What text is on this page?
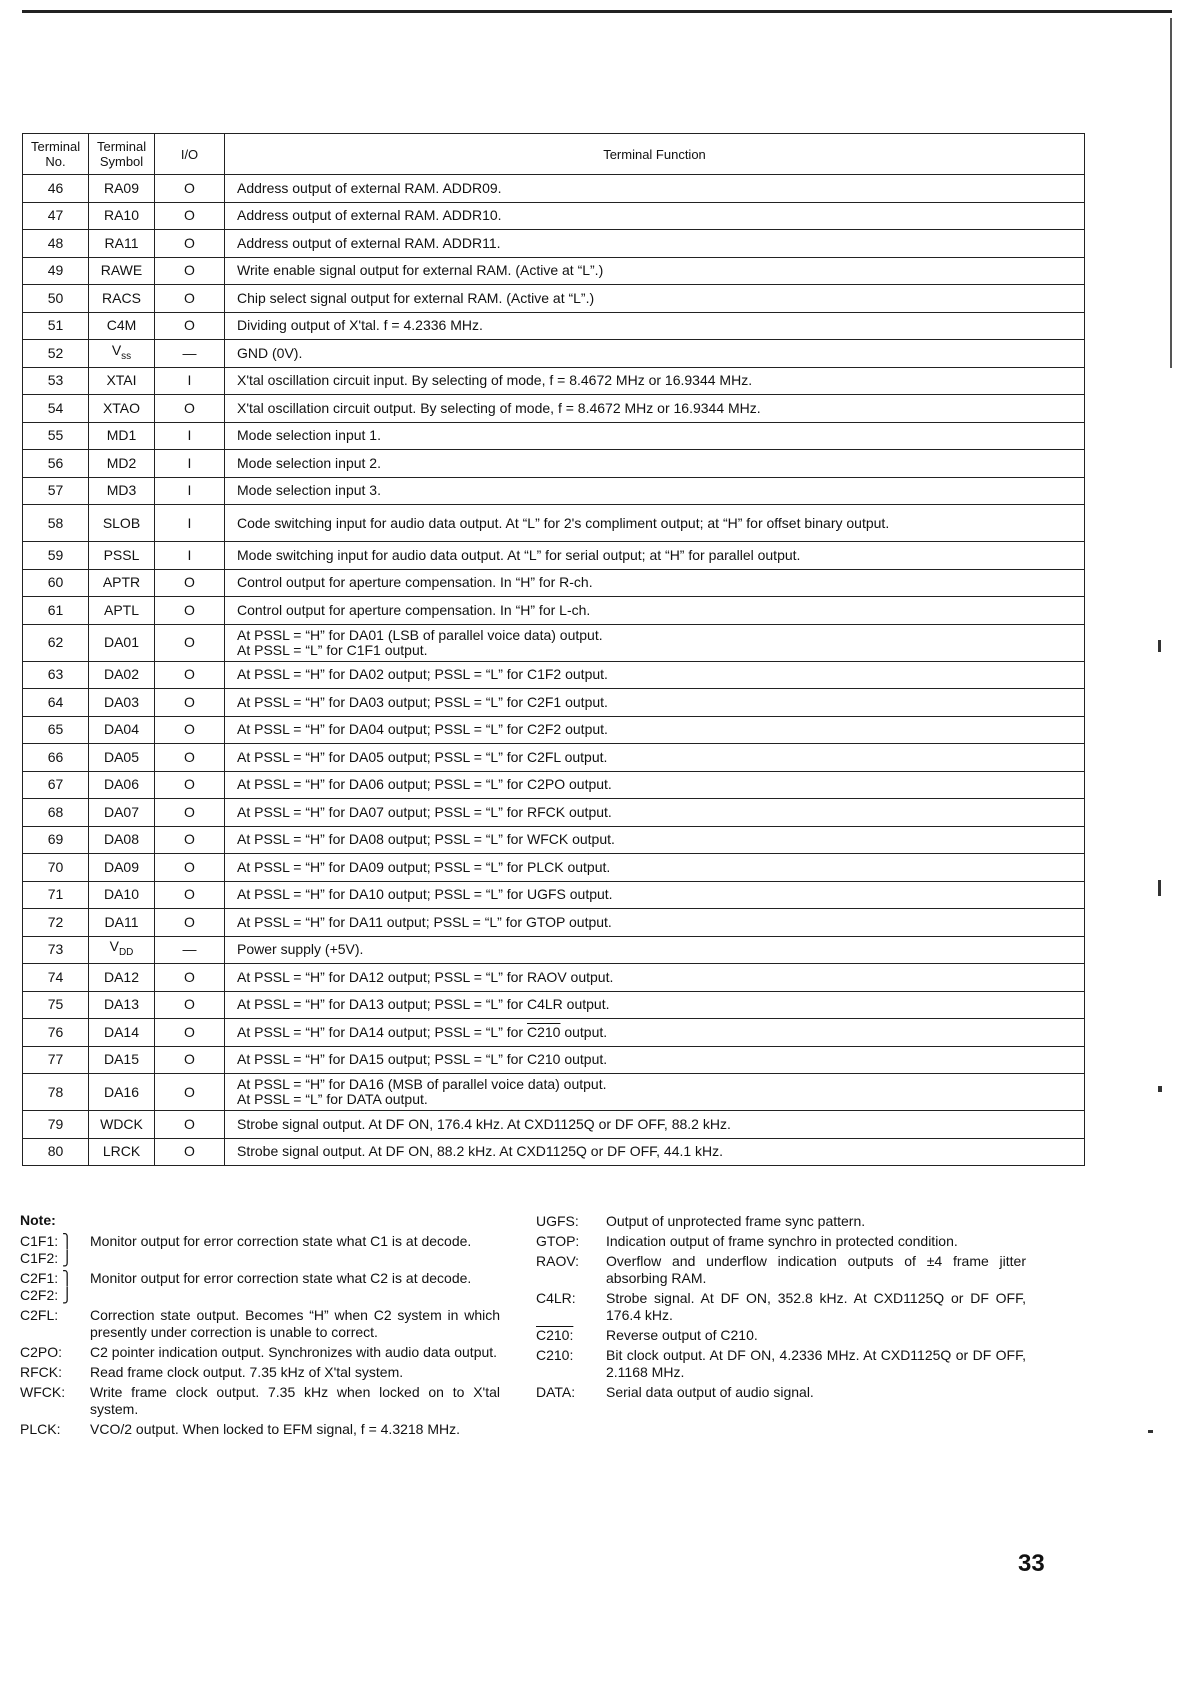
Terminal No.	Terminal Symbol	I/O	Terminal Function
46	RA09	O	Address output of external RAM. ADDR09.
47	RA10	O	Address output of external RAM. ADDR10.
48	RA11	O	Address output of external RAM. ADDR11.
49	RAWE	O	Write enable signal output for external RAM. (Active at “L”.)
50	RACS	O	Chip select signal output for external RAM. (Active at “L”.)
51	C4M	O	Dividing output of X'tal. f = 4.2336 MHz.
52	$V_{ss}$	—	GND (0V).
53	XTAI	I	X'tal oscillation circuit input. By selecting of mode, f = 8.4672 MHz or 16.9344 MHz.
54	XTAO	O	X'tal oscillation circuit output. By selecting of mode, f = 8.4672 MHz or 16.9344 MHz.
55	MD1	I	Mode selection input 1.
56	MD2	I	Mode selection input 2.
57	MD3	I	Mode selection input 3.
58	SLOB	I	Code switching input for audio data output. At “L” for 2's compliment output; at “H” for offset binary output.
59	PSSL	I	Mode switching input for audio data output. At “L” for serial output; at “H” for parallel output.
60	APTR	O	Control output for aperture compensation. In “H” for R-ch.
61	APTL	O	Control output for aperture compensation. In “H” for L-ch.
62	DA01	O	At PSSL = “H” for DA01 (LSB of parallel voice data) output.
At PSSL = “L” for C1F1 output.
63	DA02	O	At PSSL = “H” for DA02 output; PSSL = “L” for C1F2 output.
64	DA03	O	At PSSL = “H” for DA03 output; PSSL = “L” for C2F1 output.
65	DA04	O	At PSSL = “H” for DA04 output; PSSL = “L” for C2F2 output.
66	DA05	O	At PSSL = “H” for DA05 output; PSSL = “L” for C2FL output.
67	DA06	O	At PSSL = “H” for DA06 output; PSSL = “L” for C2PO output.
68	DA07	O	At PSSL = “H” for DA07 output; PSSL = “L” for RFCK output.
69	DA08	O	At PSSL = “H” for DA08 output; PSSL = “L” for WFCK output.
70	DA09	O	At PSSL = “H” for DA09 output; PSSL = “L” for PLCK output.
71	DA10	O	At PSSL = “H” for DA10 output; PSSL = “L” for UGFS output.
72	DA11	O	At PSSL = “H” for DA11 output; PSSL = “L” for GTOP output.
73	$V_{DD}$	—	Power supply (+5V).
74	DA12	O	At PSSL = “H” for DA12 output; PSSL = “L” for RAOV output.
75	DA13	O	At PSSL = “H” for DA13 output; PSSL = “L” for C4LR output.
76	DA14	O	At PSSL = “H” for DA14 output; PSSL = “L” for C210 output.
77	DA15	O	At PSSL = “H” for DA15 output; PSSL = “L” for C210 output.
78	DA16	O	At PSSL = “H” for DA16 (MSB of parallel voice data) output.
At PSSL = “L” for DATA output.
79	WDCK	O	Strobe signal output. At DF ON, 176.4 kHz. At CXD1125Q or DF OFF, 88.2 kHz.
80	LRCK	O	Strobe signal output. At DF ON, 88.2 kHz. At CXD1125Q or DF OFF, 44.1 kHz.
Note:
C1F1: ⎫
C1F2: ⎭
Monitor output for error correction state what C1 is at decode.
C2F1: ⎫
C2F2: ⎭
Monitor output for error correction state what C2 is at decode.
C2FL:	Correction state output. Becomes “H” when C2 system in which presently under correction is unable to correct.
C2PO:	C2 pointer indication output. Synchronizes with audio data output.
RFCK:	Read frame clock output. 7.35 kHz of X'tal system.
WFCK:	Write frame clock output. 7.35 kHz when locked on to X'tal system.
PLCK:	VCO/2 output. When locked to EFM signal, f = 4.3218 MHz.
UGFS:	Output of unprotected frame sync pattern.
GTOP:	Indication output of frame synchro in protected condition.
RAOV:	Overflow and underflow indication outputs of ±4 frame jitter absorbing RAM.
C4LR:	Strobe signal. At DF ON, 352.8 kHz. At CXD1125Q or DF OFF, 176.4 kHz.
C210:	Reverse output of C210.
C210:	Bit clock output. At DF ON, 4.2336 MHz. At CXD1125Q or DF OFF, 2.1168 MHz.
DATA:	Serial data output of audio signal.
33
